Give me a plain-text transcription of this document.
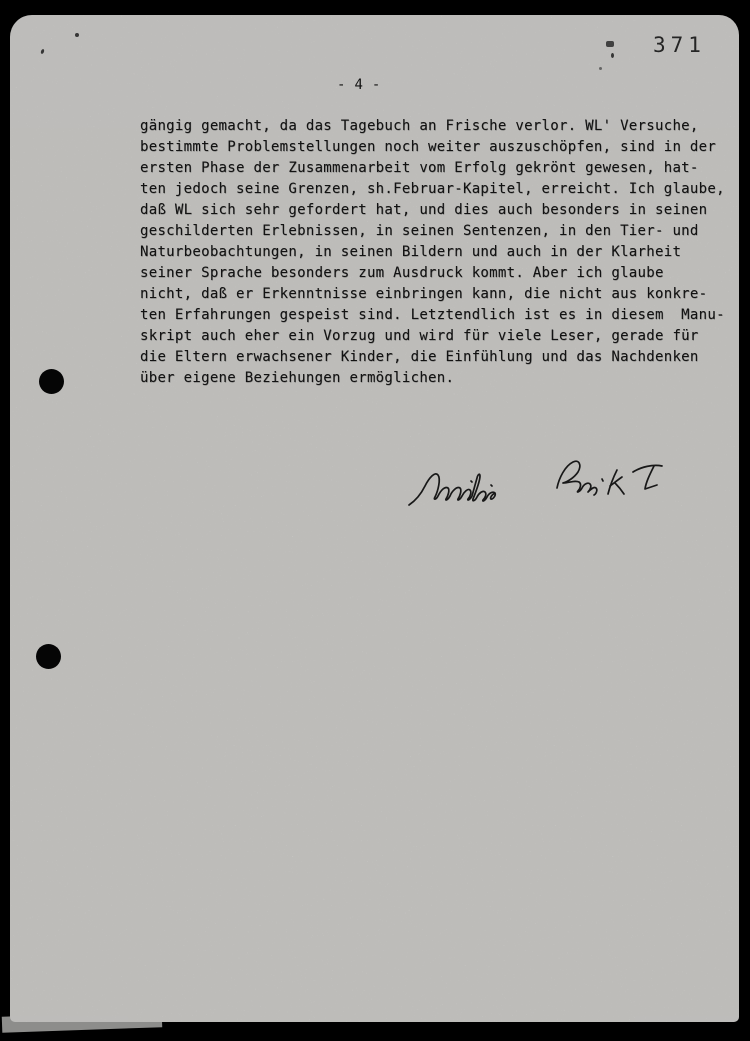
371
- 4 -
gängig gemacht, da das Tagebuch an Frische verlor. WL' Versuche,
bestimmte Problemstellungen noch weiter auszuschöpfen, sind in der
ersten Phase der Zusammenarbeit vom Erfolg gekrönt gewesen, hat-
ten jedoch seine Grenzen, sh.Februar-Kapitel, erreicht. Ich glaube,
daß WL sich sehr gefordert hat, und dies auch besonders in seinen
geschilderten Erlebnissen, in seinen Sentenzen, in den Tier- und
Naturbeobachtungen, in seinen Bildern und auch in der Klarheit
seiner Sprache besonders zum Ausdruck kommt. Aber ich glaube
nicht, daß er Erkenntnisse einbringen kann, die nicht aus konkre-
ten Erfahrungen gespeist sind. Letztendlich ist es in diesem  Manu-
skript auch eher ein Vorzug und wird für viele Leser, gerade für
die Eltern erwachsener Kinder, die Einfühlung und das Nachdenken
über eigene Beziehungen ermöglichen.
